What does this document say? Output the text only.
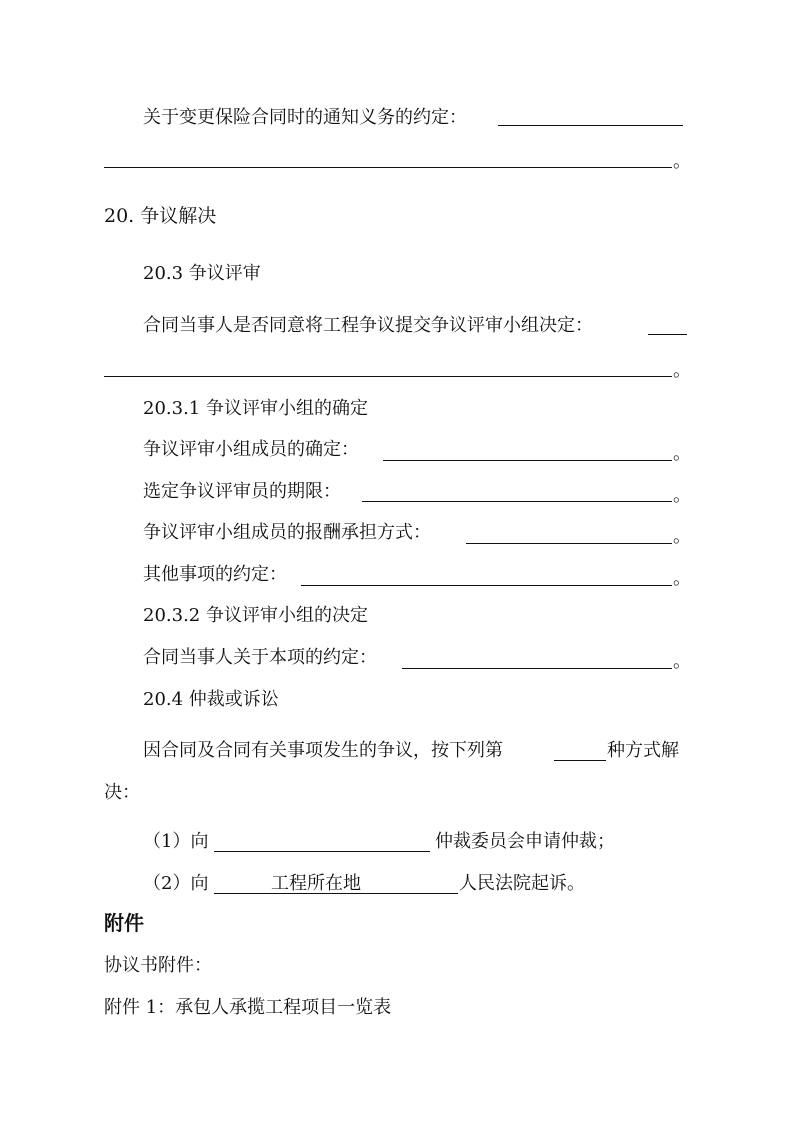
关于变更保险合同时的通知义务的约定：
。
20. 争议解决
20.3 争议评审
合同当事人是否同意将工程争议提交争议评审小组决定：
。
20.3.1 争议评审小组的确定
争议评审小组成员的确定：	。
选定争议评审员的期限：	。
争议评审小组成员的报酬承担方式：	。
其他事项的约定：	。
20.3.2 争议评审小组的决定
合同当事人关于本项的约定：	。
20.4 仲裁或诉讼
因合同及合同有关事项发生的争议，按下列第	种方式解
决：
（1）向	仲裁委员会申请仲裁；
（2）向	工程所在地	人民法院起诉。
附件
协议书附件：
附件 1：承包人承揽工程项目一览表
